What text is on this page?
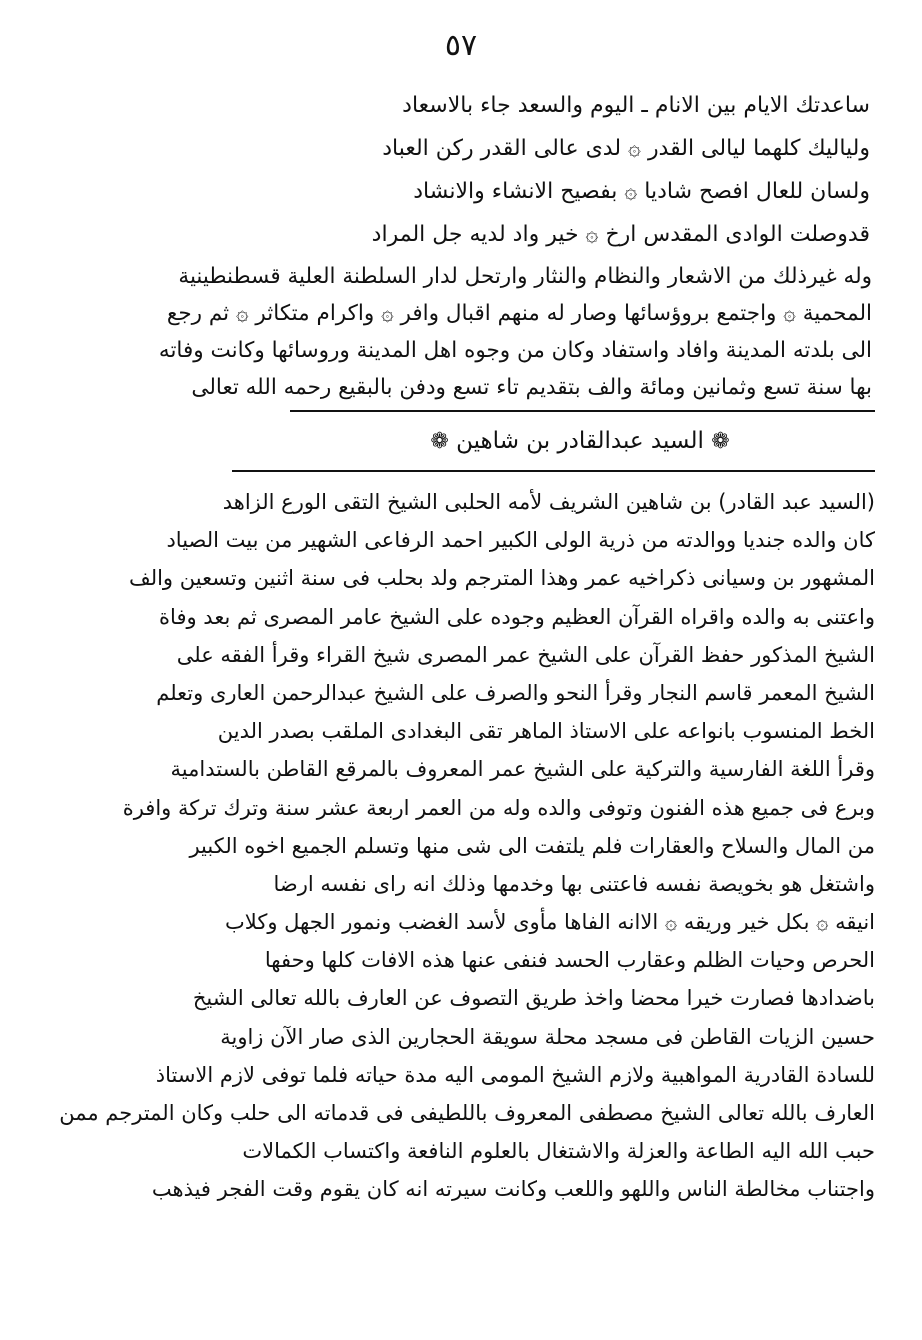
٥٧
ساعدتك الايام بين الانام ـ اليوم والسعد جاء بالاسعاد
ولياليك كلهما ليالى القدر ۞ لدى عالى القدر ركن العباد
ولسان للعال افصح شاديا ۞ بفصيح الانشاء والانشاد
قدوصلت الوادى المقدس ارخ ۞ خير واد لديه جل المراد
وله غيرذلك من الاشعار والنظام والنثار وارتحل لدار السلطنة العلية قسطنطينية
المحمية ۞ واجتمع بروؤسائها وصار له منهم اقبال وافر ۞ واكرام متكاثر ۞ ثم رجع
الى بلدته المدينة وافاد واستفاد وكان من وجوه اهل المدينة وروسائها وكانت وفاته
بها سنة تسع وثمانين ومائة والف بتقديم تاء تسع ودفن بالبقيع رحمه الله تعالى
❁ السيد عبدالقادر بن شاهين ❁
(السيد عبد القادر) بن شاهين الشريف لأمه الحلبى الشيخ التقى الورع الزاهد
كان والده جنديا ووالدته من ذرية الولى الكبير احمد الرفاعى الشهير من بيت الصياد
المشهور بن وسيانى ذكراخيه عمر وهذا المترجم ولد بحلب فى سنة اثنين وتسعين والف
واعتنى به والده واقراه القرآن العظيم وجوده على الشيخ عامر المصرى ثم بعد وفاة
الشيخ المذكور حفظ القرآن على الشيخ عمر المصرى شيخ القراء وقرأ الفقه على
الشيخ المعمر قاسم النجار وقرأ النحو والصرف على الشيخ عبدالرحمن العارى وتعلم
الخط المنسوب بانواعه على الاستاذ الماهر تقى البغدادى الملقب بصدر الدين
وقرأ اللغة الفارسية والتركية على الشيخ عمر المعروف بالمرقع القاطن بالستدامية
وبرع فى جميع هذه الفنون وتوفى والده وله من العمر اربعة عشر سنة وترك تركة وافرة
من المال والسلاح والعقارات فلم يلتفت الى شى منها وتسلم الجميع اخوه الكبير
واشتغل هو بخويصة نفسه فاعتنى بها وخدمها وذلك انه راى نفسه ارضا
انيقه ۞ بكل خير وريقه ۞ الاانه الفاها مأوى لأسد الغضب ونمور الجهل وكلاب
الحرص وحيات الظلم وعقارب الحسد فنفى عنها هذه الافات كلها وحفها
باضدادها فصارت خيرا محضا واخذ طريق التصوف عن العارف بالله تعالى الشيخ
حسين الزيات القاطن فى مسجد محلة سويقة الحجارين الذى صار الآن زاوية
للسادة القادرية المواهبية ولازم الشيخ المومى اليه مدة حياته فلما توفى لازم الاستاذ
العارف بالله تعالى الشيخ مصطفى المعروف باللطيفى فى قدماته الى حلب وكان المترجم ممن
حبب الله اليه الطاعة والعزلة والاشتغال بالعلوم النافعة واكتساب الكمالات
واجتناب مخالطة الناس واللهو واللعب وكانت سيرته انه كان يقوم وقت الفجر فيذهب
